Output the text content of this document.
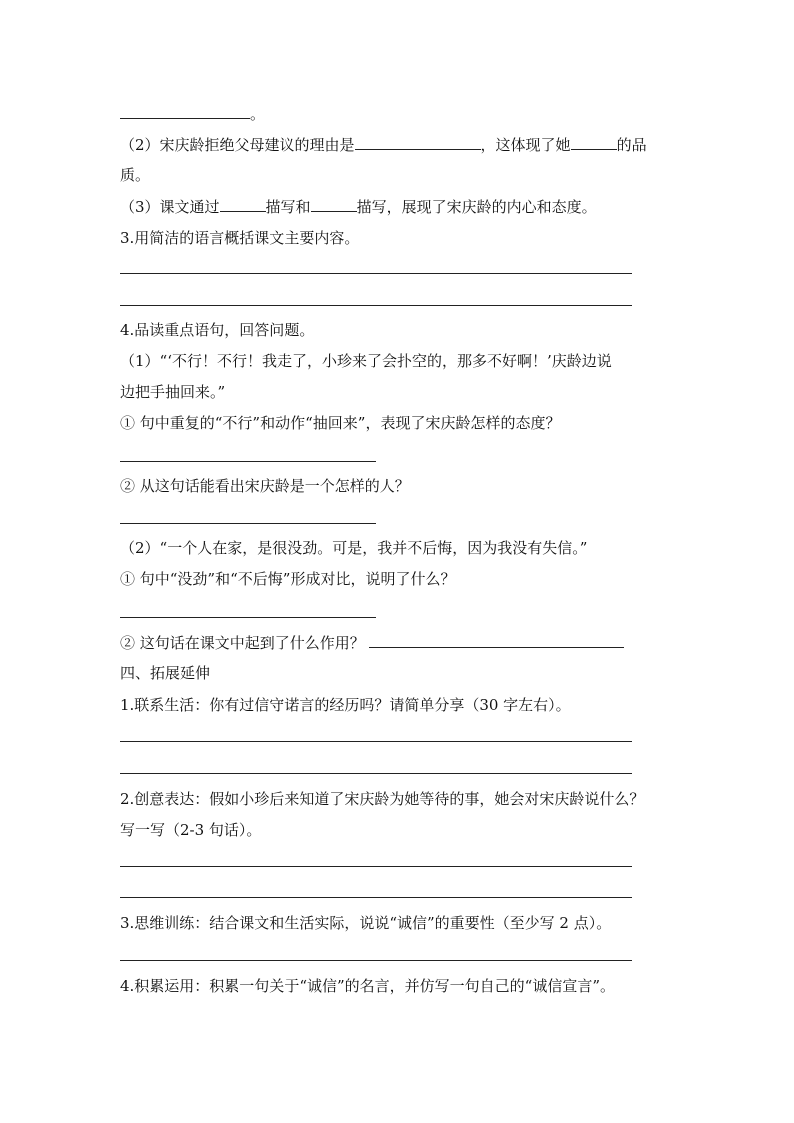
。
（2）宋庆龄拒绝父母建议的理由是	，这体现了她	的品
质。
（3）课文通过	描写和	描写，展现了宋庆龄的内心和态度。
3.用简洁的语言概括课文主要内容。
4.品读重点语句，回答问题。
（1）“‘不行！不行！我走了，小珍来了会扑空的，那多不好啊！’庆龄边说
边把手抽回来。”
① 句中重复的“不行”和动作“抽回来”，表现了宋庆龄怎样的态度？
② 从这句话能看出宋庆龄是一个怎样的人？
（2）“一个人在家，是很没劲。可是，我并不后悔，因为我没有失信。”
① 句中“没劲”和“不后悔”形成对比，说明了什么？
② 这句话在课文中起到了什么作用？
四、拓展延伸
1.联系生活：你有过信守诺言的经历吗？请简单分享（30 字左右）。
2.创意表达：假如小珍后来知道了宋庆龄为她等待的事，她会对宋庆龄说什么？
写一写（2-3 句话）。
3.思维训练：结合课文和生活实际，说说“诚信”的重要性（至少写 2 点）。
4.积累运用：积累一句关于“诚信”的名言，并仿写一句自己的“诚信宣言”。
